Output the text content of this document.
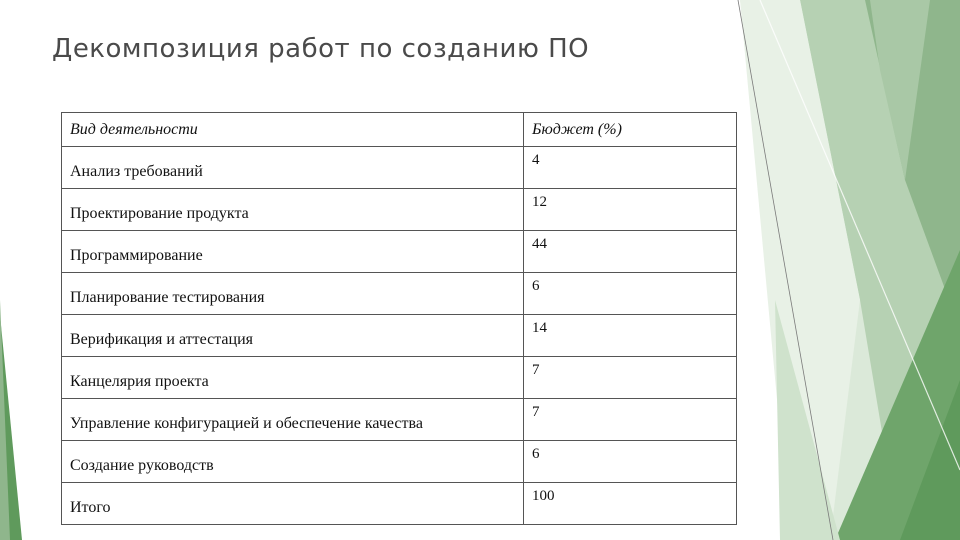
Декомпозиция работ по созданию ПО
Вид деятельности	Бюджет (%)
Анализ требований	4
Проектирование продукта	12
Программирование	44
Планирование тестирования	6
Верификация и аттестация	14
Канцелярия проекта	7
Управление конфигурацией и обеспечение качества	7
Создание руководств	6
Итого	100
